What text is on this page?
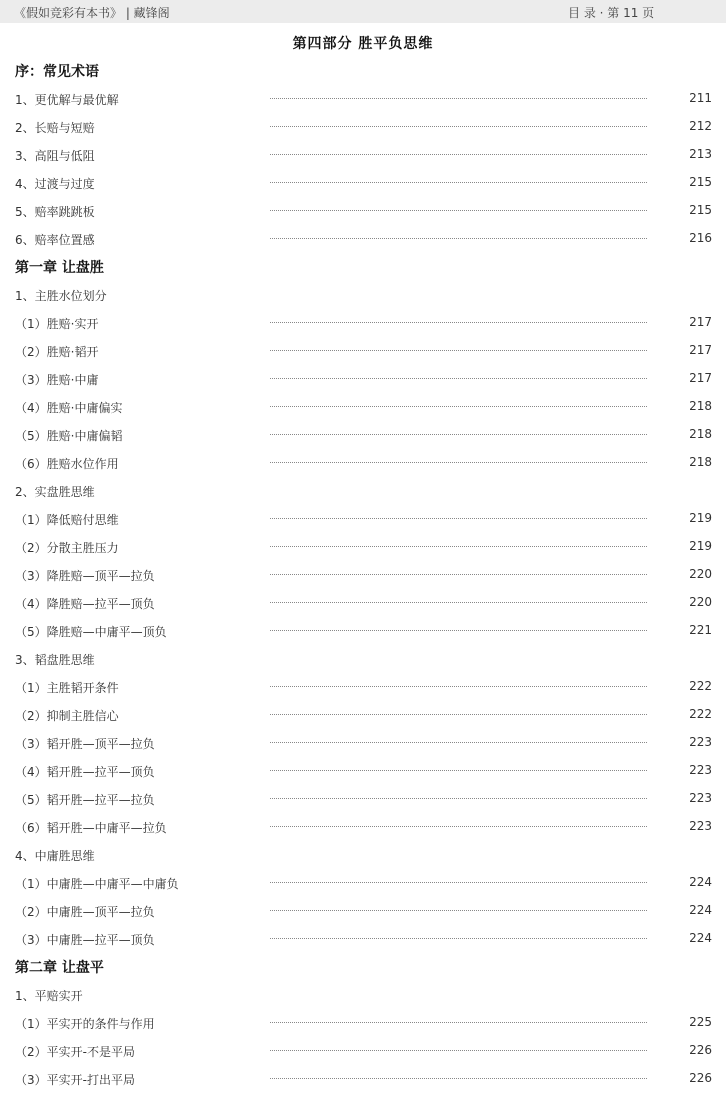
《假如竞彩有本书》 | 藏锋阁	目 录 · 第 11 页
第四部分 胜平负思维
序：常见术语
1、更优解与最优解	211
2、长赔与短赔	212
3、高阻与低阻	213
4、过渡与过度	215
5、赔率跳跳板	215
6、赔率位置感	216
第一章 让盘胜
1、主胜水位划分
（1）胜赔·实开	217
（2）胜赔·韬开	217
（3）胜赔·中庸	217
（4）胜赔·中庸偏实	218
（5）胜赔·中庸偏韬	218
（6）胜赔水位作用	218
2、实盘胜思维
（1）降低赔付思维	219
（2）分散主胜压力	219
（3）降胜赔—顶平—拉负	220
（4）降胜赔—拉平—顶负	220
（5）降胜赔—中庸平—顶负	221
3、韬盘胜思维
（1）主胜韬开条件	222
（2）抑制主胜信心	222
（3）韬开胜—顶平—拉负	223
（4）韬开胜—拉平—顶负	223
（5）韬开胜—拉平—拉负	223
（6）韬开胜—中庸平—拉负	223
4、中庸胜思维
（1）中庸胜—中庸平—中庸负	224
（2）中庸胜—顶平—拉负	224
（3）中庸胜—拉平—顶负	224
第二章 让盘平
1、平赔实开
（1）平实开的条件与作用	225
（2）平实开-不是平局	226
（3）平实开-打出平局	226
